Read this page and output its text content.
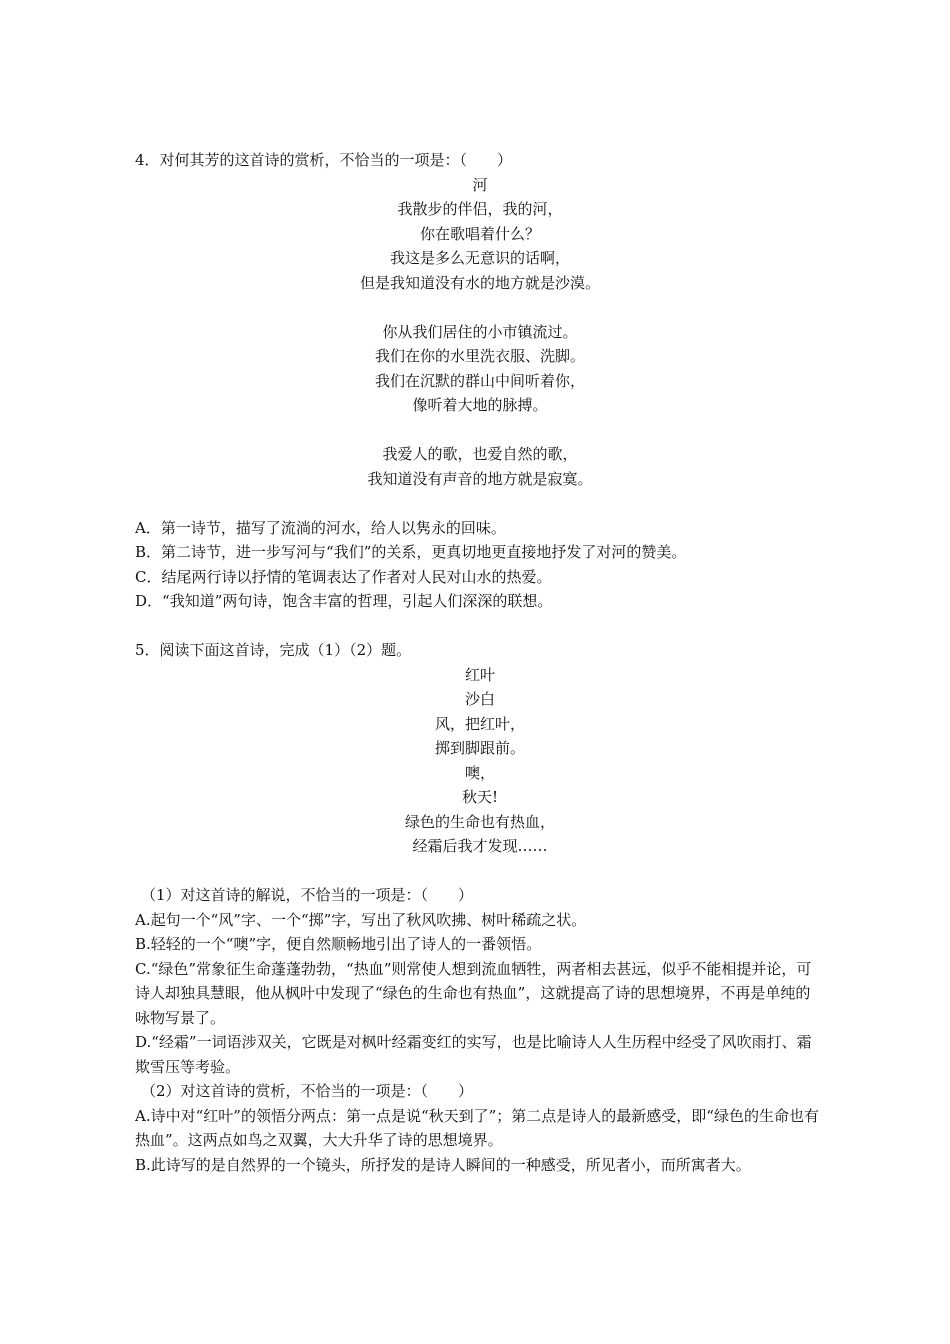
4．对何其芳的这首诗的赏析，不恰当的一项是：（　　）
河
我散步的伴侣，我的河，
你在歌唱着什么？
我这是多么无意识的话啊，
但是我知道没有水的地方就是沙漠。
你从我们居住的小市镇流过。
我们在你的水里洗衣服、洗脚。
我们在沉默的群山中间听着你，
像听着大地的脉搏。
我爱人的歌，也爱自然的歌，
我知道没有声音的地方就是寂寞。
A．第一诗节，描写了流淌的河水，给人以隽永的回味。
B．第二诗节，进一步写河与“我们”的关系，更真切地更直接地抒发了对河的赞美。
C．结尾两行诗以抒情的笔调表达了作者对人民对山水的热爱。
D．“我知道”两句诗，饱含丰富的哲理，引起人们深深的联想。
5．阅读下面这首诗，完成（1）（2）题。
红叶
沙白
风，把红叶，
掷到脚跟前。
噢，
秋天!
绿色的生命也有热血，
经霜后我才发现……
（1）对这首诗的解说，不恰当的一项是：（　　）
A.起句一个“风”字、一个“掷”字，写出了秋风吹拂、树叶稀疏之状。
B.轻轻的一个“噢”字，便自然顺畅地引出了诗人的一番领悟。
C.“绿色”常象征生命蓬蓬勃勃，“热血”则常使人想到流血牺牲，两者相去甚远，似乎不能相提并论，可诗人却独具慧眼，他从枫叶中发现了“绿色的生命也有热血”，这就提高了诗的思想境界，不再是单纯的咏物写景了。
D.“经霜”一词语涉双关，它既是对枫叶经霜变红的实写，也是比喻诗人人生历程中经受了风吹雨打、霜欺雪压等考验。
（2）对这首诗的赏析，不恰当的一项是：（　　）
A.诗中对“红叶”的领悟分两点：第一点是说“秋天到了”；第二点是诗人的最新感受，即“绿色的生命也有热血”。这两点如鸟之双翼，大大升华了诗的思想境界。
B.此诗写的是自然界的一个镜头，所抒发的是诗人瞬间的一种感受，所见者小，而所寓者大。
